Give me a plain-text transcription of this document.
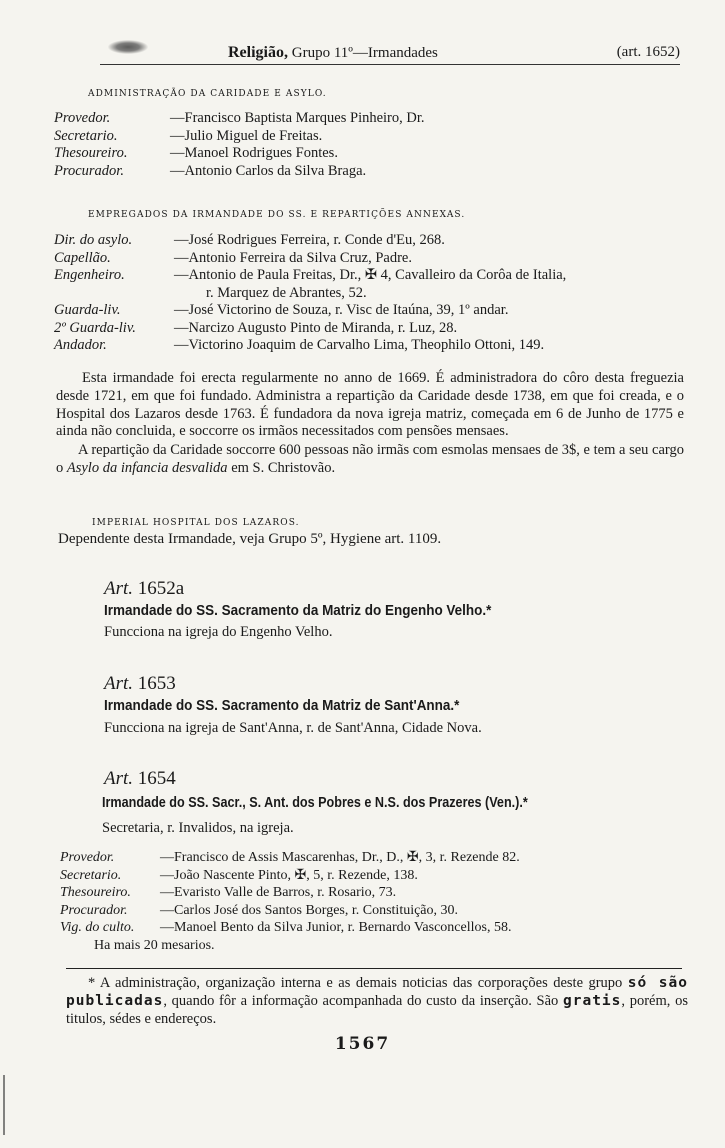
Religião, Grupo 11º—Irmandades	(art. 1652)
ADMINISTRAÇÃO DA CARIDADE E ASYLO.
Provedor.	—Francisco Baptista Marques Pinheiro, Dr.
Secretario.	—Julio Miguel de Freitas.
Thesoureiro.	—Manoel Rodrigues Fontes.
Procurador.	—Antonio Carlos da Silva Braga.
EMPREGADOS DA IRMANDADE DO SS. E REPARTIÇÕES ANNEXAS.
Dir. do asylo.	—José Rodrigues Ferreira, r. Conde d'Eu, 268.
Capellão.	—Antonio Ferreira da Silva Cruz, Padre.
Engenheiro.	—Antonio de Paula Freitas, Dr., ✠ 4, Cavalleiro da Corôa de Italia,
r. Marquez de Abrantes, 52.
Guarda-liv.	—José Victorino de Souza, r. Visc de Itaúna, 39, 1º andar.
2º Guarda-liv.	—Narcizo Augusto Pinto de Miranda, r. Luz, 28.
Andador.	—Victorino Joaquim de Carvalho Lima, Theophilo Ottoni, 149.
Esta irmandade foi erecta regularmente no anno de 1669. É administradora do côro desta freguezia desde 1721, em que foi fundado. Administra a repartição da Caridade desde 1738, em que foi creada, e o Hospital dos Lazaros desde 1763. É fundadora da nova igreja matriz, começada em 6 de Junho de 1775 e ainda não concluida, e soccorre os irmãos necessitados com pensões mensaes.
A repartição da Caridade soccorre 600 pessoas não irmãs com esmolas mensaes de 3$, e tem a seu cargo o Asylo da infancia desvalida em S. Christovão.
IMPERIAL HOSPITAL DOS LAZAROS.
Dependente desta Irmandade, veja Grupo 5º, Hygiene art. 1109.
Art. 1652a
Irmandade do SS. Sacramento da Matriz do Engenho Velho.*
Funcciona na igreja do Engenho Velho.
Art. 1653
Irmandade do SS. Sacramento da Matriz de Sant'Anna.*
Funcciona na igreja de Sant'Anna, r. de Sant'Anna, Cidade Nova.
Art. 1654
Irmandade do SS. Sacr., S. Ant. dos Pobres e N.S. dos Prazeres (Ven.).*
Secretaria, r. Invalidos, na igreja.
Provedor.	—Francisco de Assis Mascarenhas, Dr., D., ✠, 3, r. Rezende 82.
Secretario.	—João Nascente Pinto, ✠, 5, r. Rezende, 138.
Thesoureiro.	—Evaristo Valle de Barros, r. Rosario, 73.
Procurador.	—Carlos José dos Santos Borges, r. Constituição, 30.
Vig. do culto.	—Manoel Bento da Silva Junior, r. Bernardo Vasconcellos, 58.
Ha mais 20 mesarios.
* A administração, organização interna e as demais noticias das corporações deste grupo só são publicadas, quando fôr a informação acompanhada do custo da inserção. São gratis, porém, os titulos, sédes e endereços.
1567
